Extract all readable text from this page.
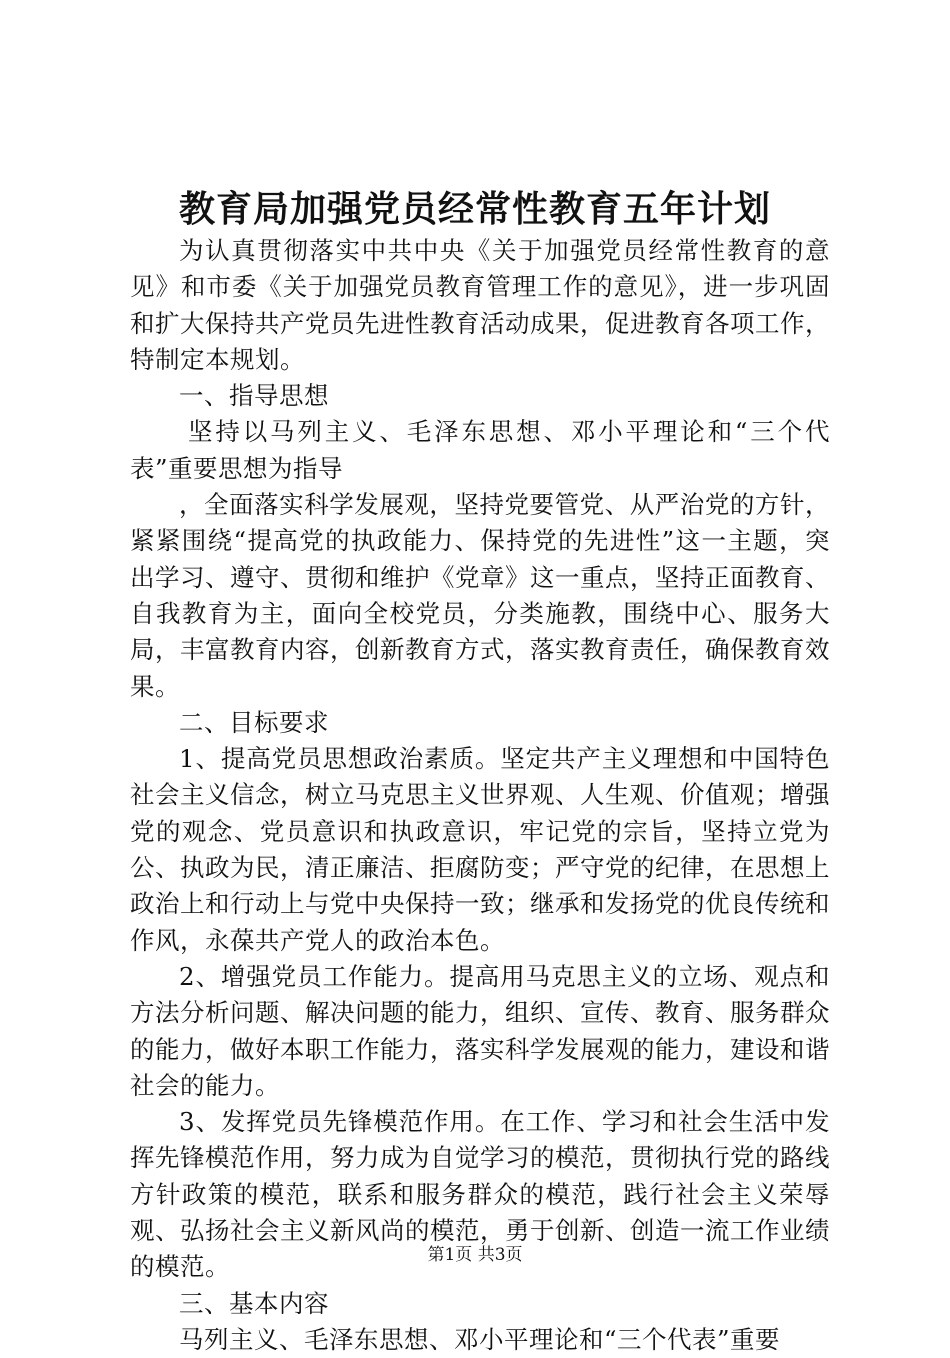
教育局加强党员经常性教育五年计划

为认真贯彻落实中共中央《关于加强党员经常性教育的意见》和市委《关于加强党员教育管理工作的意见》，进一步巩固和扩大保持共产党员先进性教育活动成果，促进教育各项工作，特制定本规划。

一、指导思想

坚持以马列主义、毛泽东思想、邓小平理论和“三个代表”重要思想为指导

，全面落实科学发展观，坚持党要管党、从严治党的方针，紧紧围绕“提高党的执政能力、保持党的先进性”这一主题，突出学习、遵守、贯彻和维护《党章》这一重点，坚持正面教育、自我教育为主，面向全校党员，分类施教，围绕中心、服务大局，丰富教育内容，创新教育方式，落实教育责任，确保教育效果。

二、目标要求

1、提高党员思想政治素质。坚定共产主义理想和中国特色社会主义信念，树立马克思主义世界观、人生观、价值观；增强党的观念、党员意识和执政意识，牢记党的宗旨，坚持立党为公、执政为民，清正廉洁、拒腐防变；严守党的纪律，在思想上政治上和行动上与党中央保持一致；继承和发扬党的优良传统和作风，永葆共产党人的政治本色。

2、增强党员工作能力。提高用马克思主义的立场、观点和方法分析问题、解决问题的能力，组织、宣传、教育、服务群众的能力，做好本职工作能力，落实科学发展观的能力，建设和谐社会的能力。

3、发挥党员先锋模范作用。在工作、学习和社会生活中发挥先锋模范作用，努力成为自觉学习的模范，贯彻执行党的路线方针政策的模范，联系和服务群众的模范，践行社会主义荣辱观、弘扬社会主义新风尚的模范，勇于创新、创造一流工作业绩的模范。

三、基本内容

马列主义、毛泽东思想、邓小平理论和“三个代表”重要

第1页 共3页
